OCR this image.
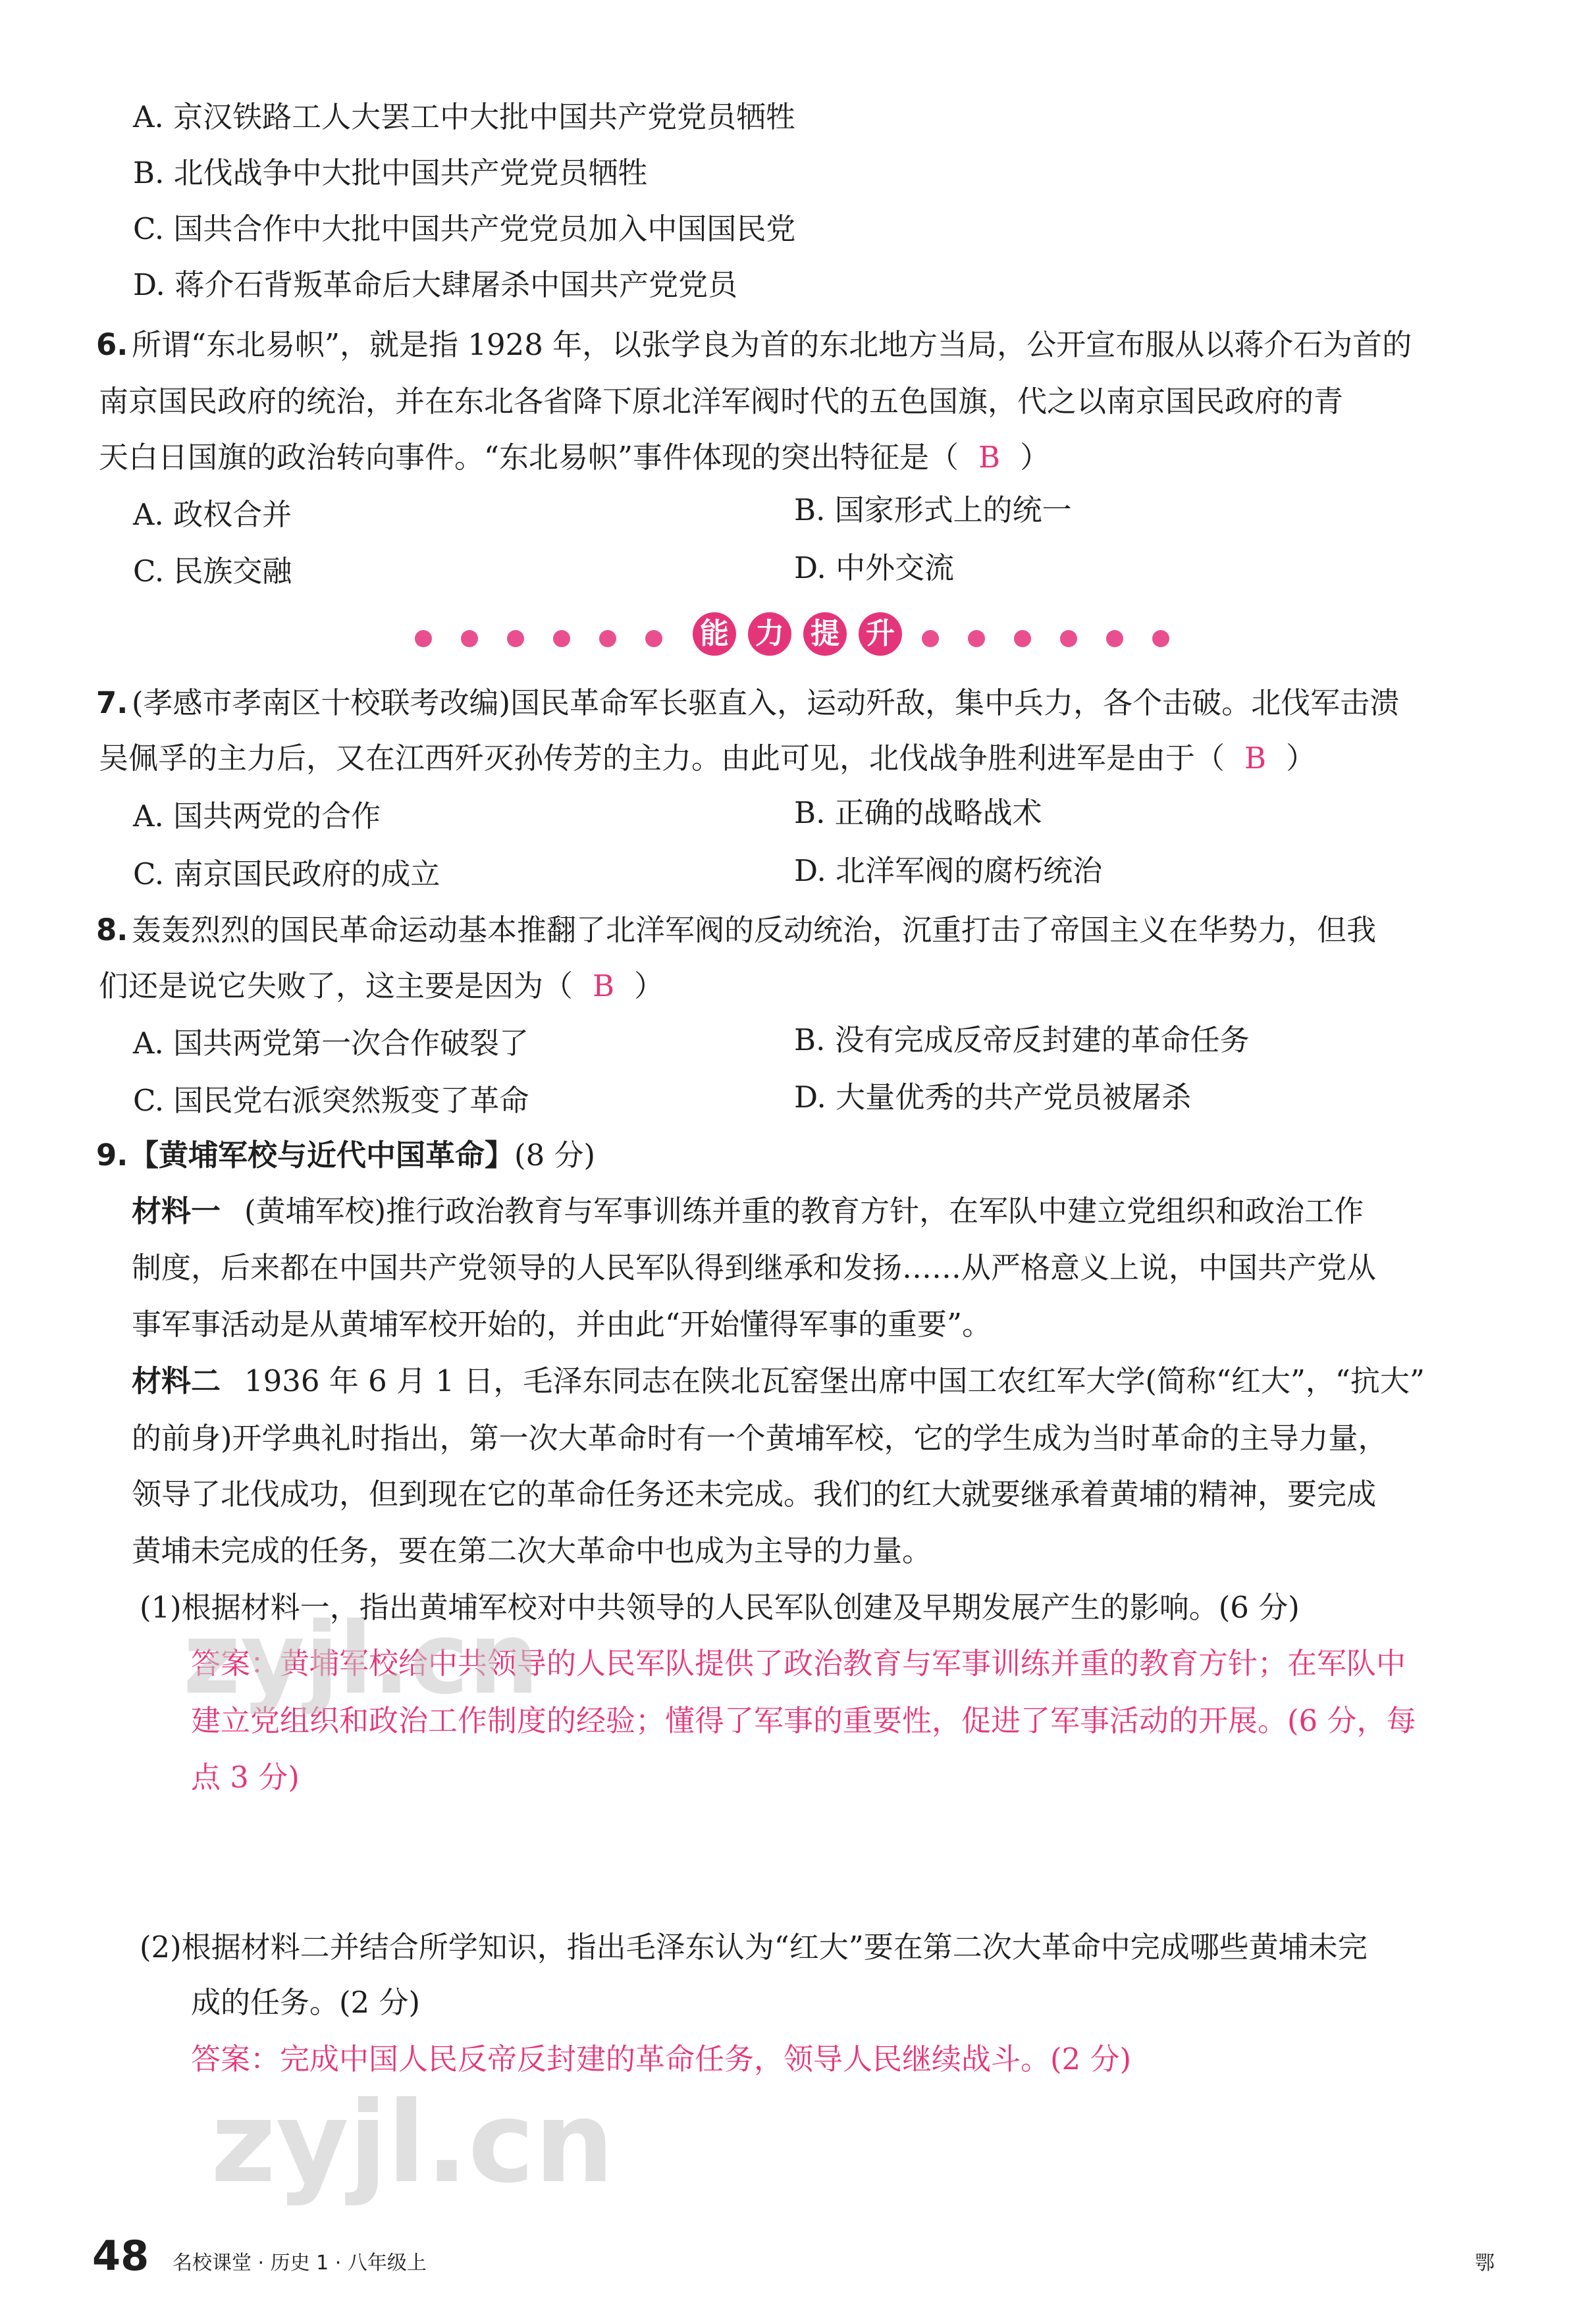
A. 京汉铁路工人大罢工中大批中国共产党党员牺牲
B. 北伐战争中大批中国共产党党员牺牲
C. 国共合作中大批中国共产党党员加入中国国民党
D. 蒋介石背叛革命后大肆屠杀中国共产党党员
6. 所谓“东北易帜”，就是指 1928 年，以张学良为首的东北地方当局，公开宣布服从以蒋介石为首的
南京国民政府的统治，并在东北各省降下原北洋军阀时代的五色国旗，代之以南京国民政府的青
天白日国旗的政治转向事件。“东北易帜”事件体现的突出特征是（ B ）
A. 政权合并	B. 国家形式上的统一
C. 民族交融	D. 中外交流
能 力 提 升
7. (孝感市孝南区十校联考改编)国民革命军长驱直入，运动歼敌，集中兵力，各个击破。北伐军击溃
吴佩孚的主力后，又在江西歼灭孙传芳的主力。由此可见，北伐战争胜利进军是由于（ B ）
A. 国共两党的合作	B. 正确的战略战术
C. 南京国民政府的成立	D. 北洋军阀的腐朽统治
8. 轰轰烈烈的国民革命运动基本推翻了北洋军阀的反动统治，沉重打击了帝国主义在华势力，但我
们还是说它失败了，这主要是因为（ B ）
A. 国共两党第一次合作破裂了	B. 没有完成反帝反封建的革命任务
C. 国民党右派突然叛变了革命	D. 大量优秀的共产党员被屠杀
9. 【黄埔军校与近代中国革命】(8 分)
材料一 (黄埔军校)推行政治教育与军事训练并重的教育方针，在军队中建立党组织和政治工作
制度，后来都在中国共产党领导的人民军队得到继承和发扬……从严格意义上说，中国共产党从
事军事活动是从黄埔军校开始的，并由此“开始懂得军事的重要”。
材料二 1936 年 6 月 1 日，毛泽东同志在陕北瓦窑堡出席中国工农红军大学(简称“红大”，“抗大”
的前身)开学典礼时指出，第一次大革命时有一个黄埔军校，它的学生成为当时革命的主导力量，
领导了北伐成功，但到现在它的革命任务还未完成。我们的红大就要继承着黄埔的精神，要完成
黄埔未完成的任务，要在第二次大革命中也成为主导的力量。
(1)根据材料一，指出黄埔军校对中共领导的人民军队创建及早期发展产生的影响。(6 分)
答案：黄埔军校给中共领导的人民军队提供了政治教育与军事训练并重的教育方针；在军队中
建立党组织和政治工作制度的经验；懂得了军事的重要性，促进了军事活动的开展。(6 分，每
点 3 分)
(2)根据材料二并结合所学知识，指出毛泽东认为“红大”要在第二次大革命中完成哪些黄埔未完
成的任务。(2 分)
答案：完成中国人民反帝反封建的革命任务，领导人民继续战斗。(2 分)
zyjl.cn
zyjl.cn
48 名校课堂 · 历史 1 · 八年级上	鄂
